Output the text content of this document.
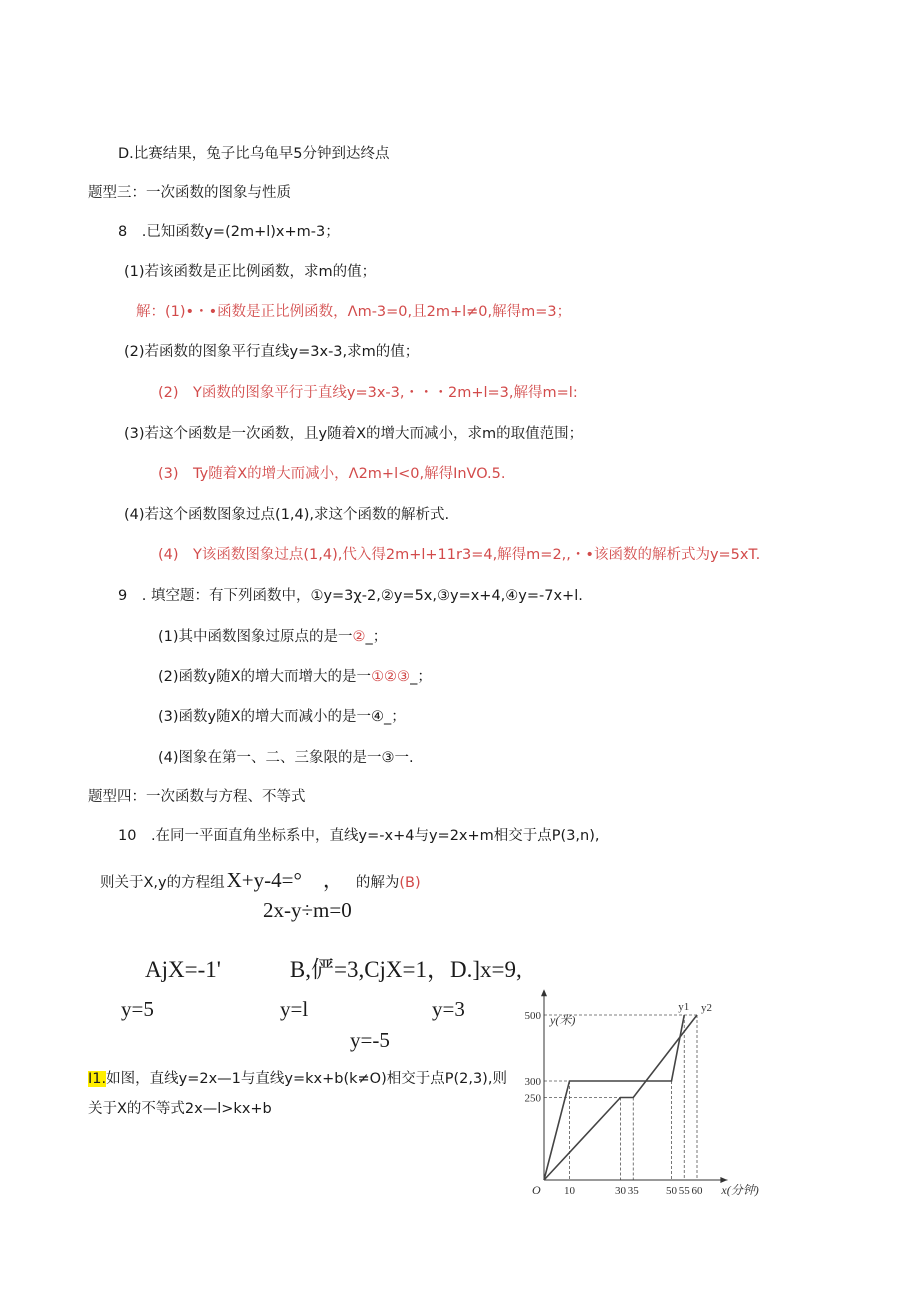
D.比赛结果，兔子比乌龟早5分钟到达终点
题型三：一次函数的图象与性质
8　.已知函数y=(2m+l)x+m-3；
(1)若该函数是正比例函数，求m的值；
解：(1)•・•函数是正比例函数，Λm-3=0,且2m+l≠0,解得m=3；
(2)若函数的图象平行直线y=3x-3,求m的值；
(2)　Y函数的图象平行于直线y=3x-3,・・・2m+l=3,解得m=l:
(3)若这个函数是一次函数，且y随着X的增大而减小，求m的取值范围；
(3)　Ty随着X的增大而减小，Λ2m+l<0,解得InVO.5.
(4)若这个函数图象过点(1,4),求这个函数的解析式.
(4)　Y该函数图象过点(1,4),代入得2m+l+11r3=4,解得m=2,,・•该函数的解析式为y=5xT.
9　. 填空题：有下列函数中，①y=3χ-2,②y=5x,③y=x+4,④y=-7x+l.
(1)其中函数图象过原点的是一②_；
(2)函数y随X的增大而增大的是一①②③_；
(3)函数y随X的增大而减小的是一④_；
(4)图象在第一、二、三象限的是一③一.
题型四：一次函数与方程、不等式
10　.在同一平面直角坐标系中，直线y=-x+4与y=2x+m相交于点P(3,n),
则关于X,y的方程组X+y-4=°　， 的解为(B)
2x-y÷m=0
AjX=-1'　　　B,俨=3,CjX=1，D.]x=9,
y=5	y=l	y=3
y=-5
I1.如图，直线y=2x—1与直线y=kx+b(k≠O)相交于点P(2,3),则
关于X的不等式2x—l>kx+b
y1 y2
250
300
500
10	30 35 50 55 60
O
y(米)
x(分钟)
